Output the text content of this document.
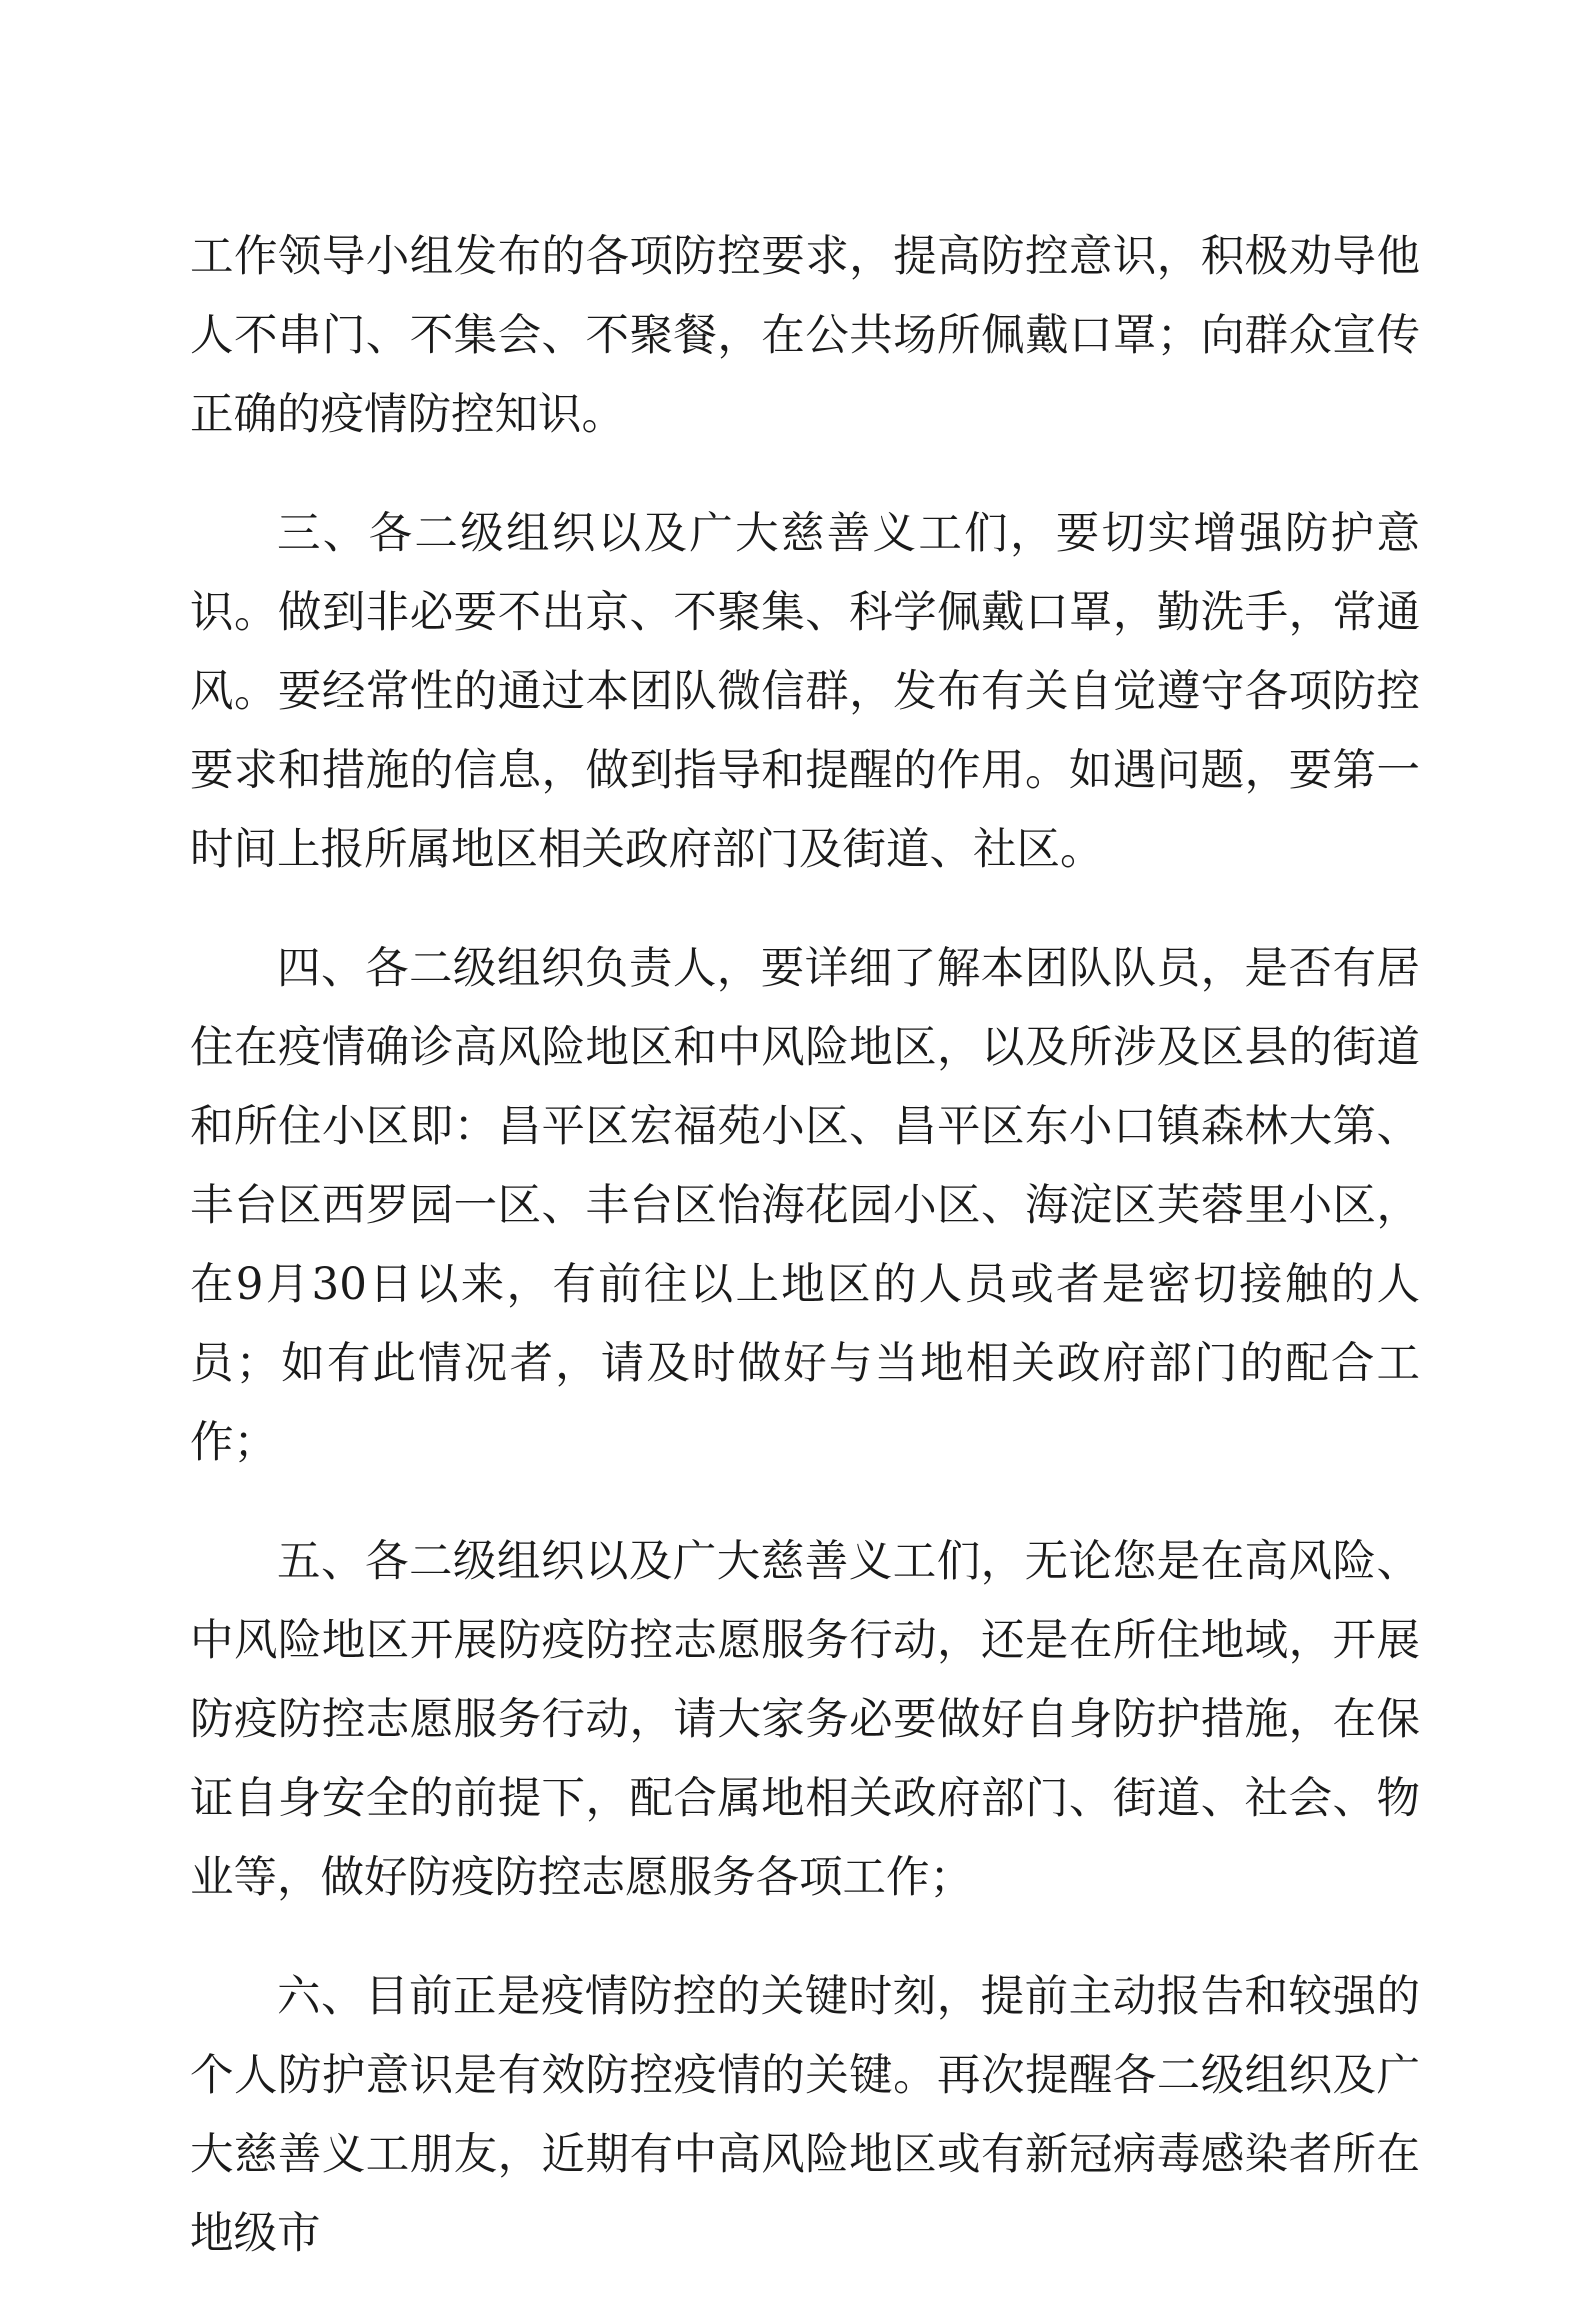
工作领导小组发布的各项防控要求，提高防控意识，积极劝导他人不串门、不集会、不聚餐，在公共场所佩戴口罩；向群众宣传正确的疫情防控知识。

三、各二级组织以及广大慈善义工们，要切实增强防护意识。做到非必要不出京、不聚集、科学佩戴口罩，勤洗手，常通风。要经常性的通过本团队微信群，发布有关自觉遵守各项防控要求和措施的信息，做到指导和提醒的作用。如遇问题，要第一时间上报所属地区相关政府部门及街道、社区。

四、各二级组织负责人，要详细了解本团队队员，是否有居住在疫情确诊高风险地区和中风险地区，以及所涉及区县的街道和所住小区即：昌平区宏福苑小区、昌平区东小口镇森林大第、丰台区西罗园一区、丰台区怡海花园小区、海淀区芙蓉里小区，在9月30日以来，有前往以上地区的人员或者是密切接触的人员；如有此情况者，请及时做好与当地相关政府部门的配合工作；

五、各二级组织以及广大慈善义工们，无论您是在高风险、中风险地区开展防疫防控志愿服务行动，还是在所住地域，开展防疫防控志愿服务行动，请大家务必要做好自身防护措施，在保证自身安全的前提下，配合属地相关政府部门、街道、社会、物业等，做好防疫防控志愿服务各项工作；

六、目前正是疫情防控的关键时刻，提前主动报告和较强的个人防护意识是有效防控疫情的关键。再次提醒各二级组织及广大慈善义工朋友，近期有中高风险地区或有新冠病毒感染者所在地级市
